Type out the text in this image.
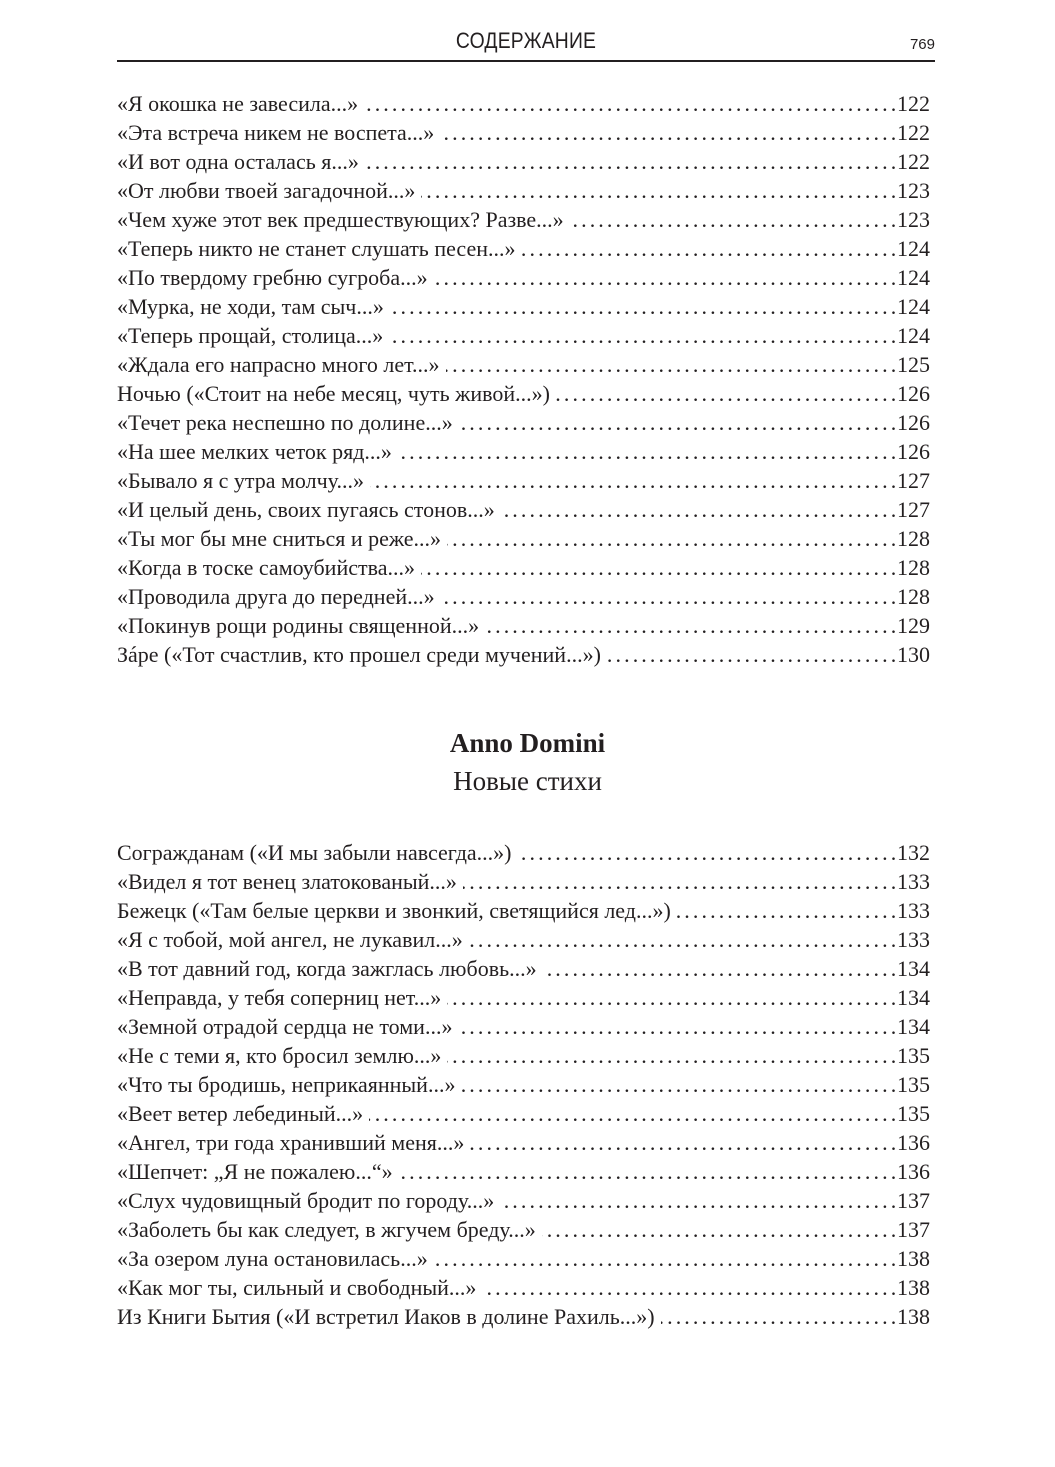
СОДЕРЖАНИЕ	769
«Я окошка не завесила...» . . .	122
«Эта встреча никем не воспета...» . . .	122
«И вот одна осталась я...» . . .	122
«От любви твоей загадочной...» . . .	123
«Чем хуже этот век предшествующих? Разве...» . . .	123
«Теперь никто не станет слушать песен...» . . .	124
«По твердому гребню сугроба...» . . .	124
«Мурка, не ходи, там сыч...» . . .	124
«Теперь прощай, столица...» . . .	124
«Ждала его напрасно много лет...» . . .	125
Ночью («Стоит на небе месяц, чуть живой...») . . .	126
«Течет река неспешно по долине...» . . .	126
«На шее мелких четок ряд...» . . .	126
«Бывало я с утра молчу...» . . .	127
«И целый день, своих пугаясь стонов...» . . .	127
«Ты мог бы мне сниться и реже...» . . .	128
«Когда в тоске самоубийства...» . . .	128
«Проводила друга до передней...» . . .	128
«Покинув рощи родины священной...» . . .	129
Зáре («Тот счастлив, кто прошел среди мучений...») . . .	130
Anno Domini
Новые стихи
Согражданам («И мы забыли навсегда...») . . .	132
«Видел я тот венец златокованый...» . . .	133
Бежецк («Там белые церкви и звонкий, светящийся лед...») . . .	133
«Я с тобой, мой ангел, не лукавил...» . . .	133
«В тот давний год, когда зажглась любовь...» . . .	134
«Неправда, у тебя соперниц нет...» . . .	134
«Земной отрадой сердца не томи...» . . .	134
«Не с теми я, кто бросил землю...» . . .	135
«Что ты бродишь, неприкаянный...» . . .	135
«Веет ветер лебединый...» . . .	135
«Ангел, три года хранивший меня...» . . .	136
«Шепчет: „Я не пожалею...“» . . .	136
«Слух чудовищный бродит по городу...» . . .	137
«Заболеть бы как следует, в жгучем бреду...» . . .	137
«За озером луна остановилась...» . . .	138
«Как мог ты, сильный и свободный...» . . .	138
Из Книги Бытия («И встретил Иаков в долине Рахиль...») . . .	138
